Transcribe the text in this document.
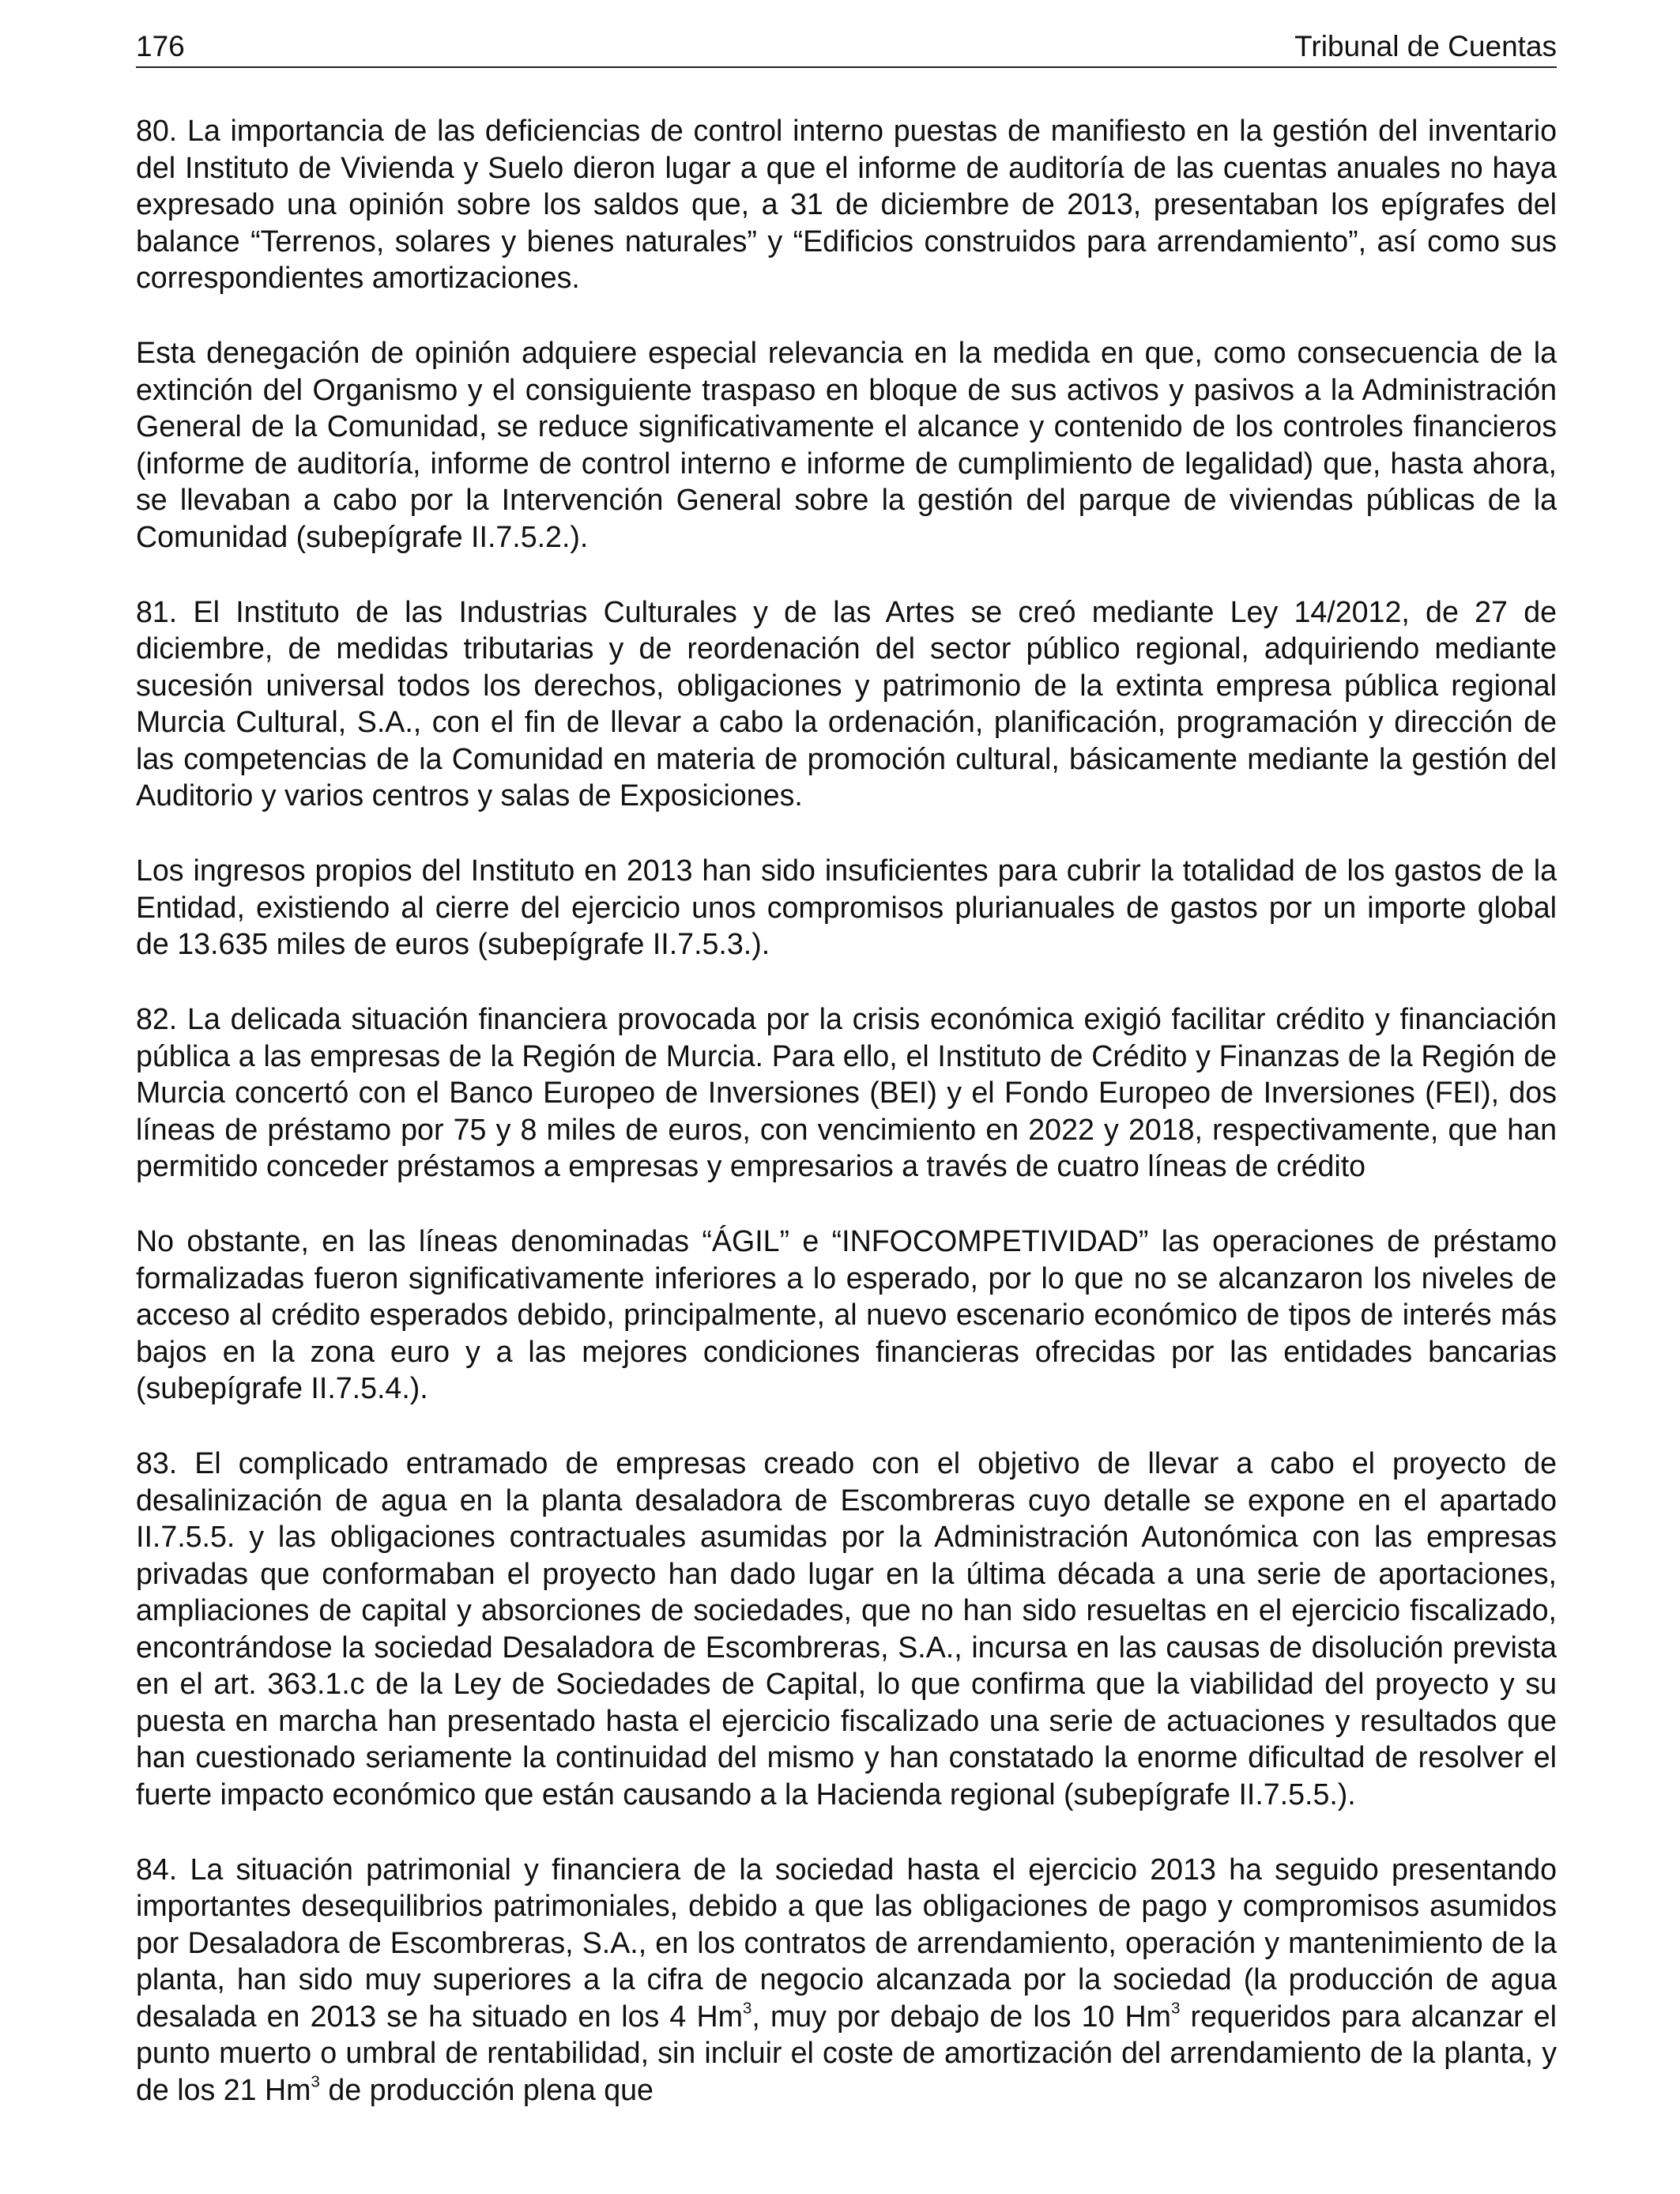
176	Tribunal de Cuentas

80. La importancia de las deficiencias de control interno puestas de manifiesto en la gestión del inventario del Instituto de Vivienda y Suelo dieron lugar a que el informe de auditoría de las cuentas anuales no haya expresado una opinión sobre los saldos que, a 31 de diciembre de 2013, presentaban los epígrafes del balance “Terrenos, solares y bienes naturales” y “Edificios construidos para arrendamiento”, así como sus correspondientes amortizaciones.

Esta denegación de opinión adquiere especial relevancia en la medida en que, como consecuencia de la extinción del Organismo y el consiguiente traspaso en bloque de sus activos y pasivos a la Administración General de la Comunidad, se reduce significativamente el alcance y contenido de los controles financieros (informe de auditoría, informe de control interno e informe de cumplimiento de legalidad) que, hasta ahora, se llevaban a cabo por la Intervención General sobre la gestión del parque de viviendas públicas de la Comunidad (subepígrafe II.7.5.2.).

81. El Instituto de las Industrias Culturales y de las Artes se creó mediante Ley 14/2012, de 27 de diciembre, de medidas tributarias y de reordenación del sector público regional, adquiriendo mediante sucesión universal todos los derechos, obligaciones y patrimonio de la extinta empresa pública regional Murcia Cultural, S.A., con el fin de llevar a cabo la ordenación, planificación, programación y dirección de las competencias de la Comunidad en materia de promoción cultural, básicamente mediante la gestión del Auditorio y varios centros y salas de Exposiciones.

Los ingresos propios del Instituto en 2013 han sido insuficientes para cubrir la totalidad de los gastos de la Entidad, existiendo al cierre del ejercicio unos compromisos plurianuales de gastos por un importe global de 13.635 miles de euros (subepígrafe II.7.5.3.).

82. La delicada situación financiera provocada por la crisis económica exigió facilitar crédito y financiación pública a las empresas de la Región de Murcia. Para ello, el Instituto de Crédito y Finanzas de la Región de Murcia concertó con el Banco Europeo de Inversiones (BEI) y el Fondo Europeo de Inversiones (FEI), dos líneas de préstamo por 75 y 8 miles de euros, con vencimiento en 2022 y 2018, respectivamente, que han permitido conceder préstamos a empresas y empresarios a través de cuatro líneas de crédito

No obstante, en las líneas denominadas “ÁGIL” e “INFOCOMPETIVIDAD” las operaciones de préstamo formalizadas fueron significativamente inferiores a lo esperado, por lo que no se alcanzaron los niveles de acceso al crédito esperados debido, principalmente, al nuevo escenario económico de tipos de interés más bajos en la zona euro y a las mejores condiciones financieras ofrecidas por las entidades bancarias (subepígrafe II.7.5.4.).

83. El complicado entramado de empresas creado con el objetivo de llevar a cabo el proyecto de desalinización de agua en la planta desaladora de Escombreras cuyo detalle se expone en el apartado II.7.5.5. y las obligaciones contractuales asumidas por la Administración Autonómica con las empresas privadas que conformaban el proyecto han dado lugar en la última década a una serie de aportaciones, ampliaciones de capital y absorciones de sociedades, que no han sido resueltas en el ejercicio fiscalizado, encontrándose la sociedad Desaladora de Escombreras, S.A., incursa en las causas de disolución prevista en el art. 363.1.c de la Ley de Sociedades de Capital, lo que confirma que la viabilidad del proyecto y su puesta en marcha han presentado hasta el ejercicio fiscalizado una serie de actuaciones y resultados que han cuestionado seriamente la continuidad del mismo y han constatado la enorme dificultad de resolver el fuerte impacto económico que están causando a la Hacienda regional (subepígrafe II.7.5.5.).

84. La situación patrimonial y financiera de la sociedad hasta el ejercicio 2013 ha seguido presentando importantes desequilibrios patrimoniales, debido a que las obligaciones de pago y compromisos asumidos por Desaladora de Escombreras, S.A., en los contratos de arrendamiento, operación y mantenimiento de la planta, han sido muy superiores a la cifra de negocio alcanzada por la sociedad (la producción de agua desalada en 2013 se ha situado en los 4 Hm$^3$, muy por debajo de los 10 Hm$^3$ requeridos para alcanzar el punto muerto o umbral de rentabilidad, sin incluir el coste de amortización del arrendamiento de la planta, y de los 21 Hm$^3$ de producción plena que
